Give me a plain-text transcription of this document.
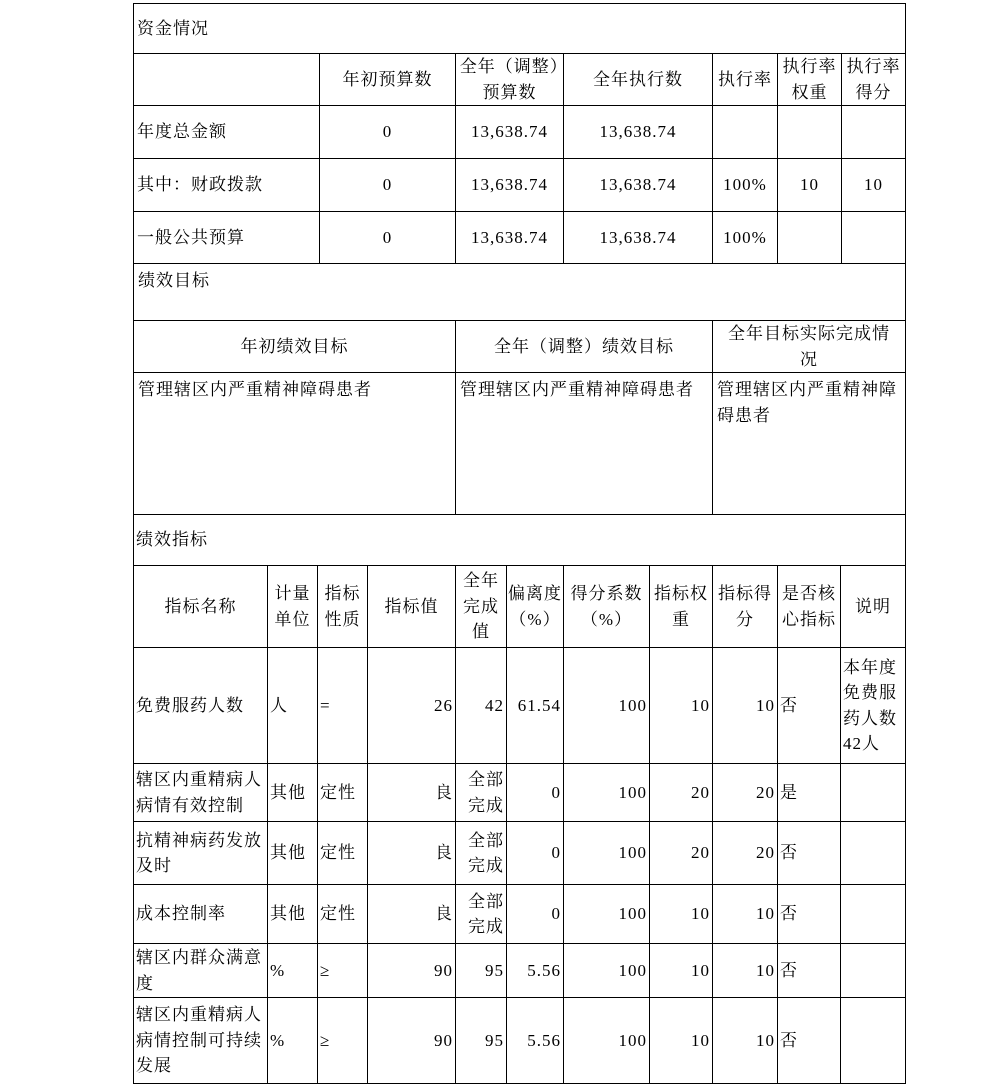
资金情况						
	年初预算数	全年（调整）预算数	全年执行数	执行率	执行率权重	执行率得分
年度总金额	0	13,638.74	13,638.74			
其中：财政拨款	0	13,638.74	13,638.74	100%	10	10
一般公共预算	0	13,638.74	13,638.74	100%		
绩效目标		
年初绩效目标	全年（调整）绩效目标	全年目标实际完成情况
管理辖区内严重精神障碍患者	管理辖区内严重精神障碍患者	管理辖区内严重精神障碍患者
绩效指标										
指标名称	计量单位	指标性质	指标值	全年完成值	偏离度（%）	得分系数（%）	指标权重	指标得分	是否核心指标	说明
免费服药人数	人	=	26	42	61.54	100	10	10	否	本年度免费服药人数42人
辖区内重精病人病情有效控制	其他	定性	良	全部完成	0	100	20	20	是	
抗精神病药发放及时	其他	定性	良	全部完成	0	100	20	20	否	
成本控制率	其他	定性	良	全部完成	0	100	10	10	否	
辖区内群众满意度	%	≥	90	95	5.56	100	10	10	否	
辖区内重精病人病情控制可持续发展	%	≥	90	95	5.56	100	10	10	否	
